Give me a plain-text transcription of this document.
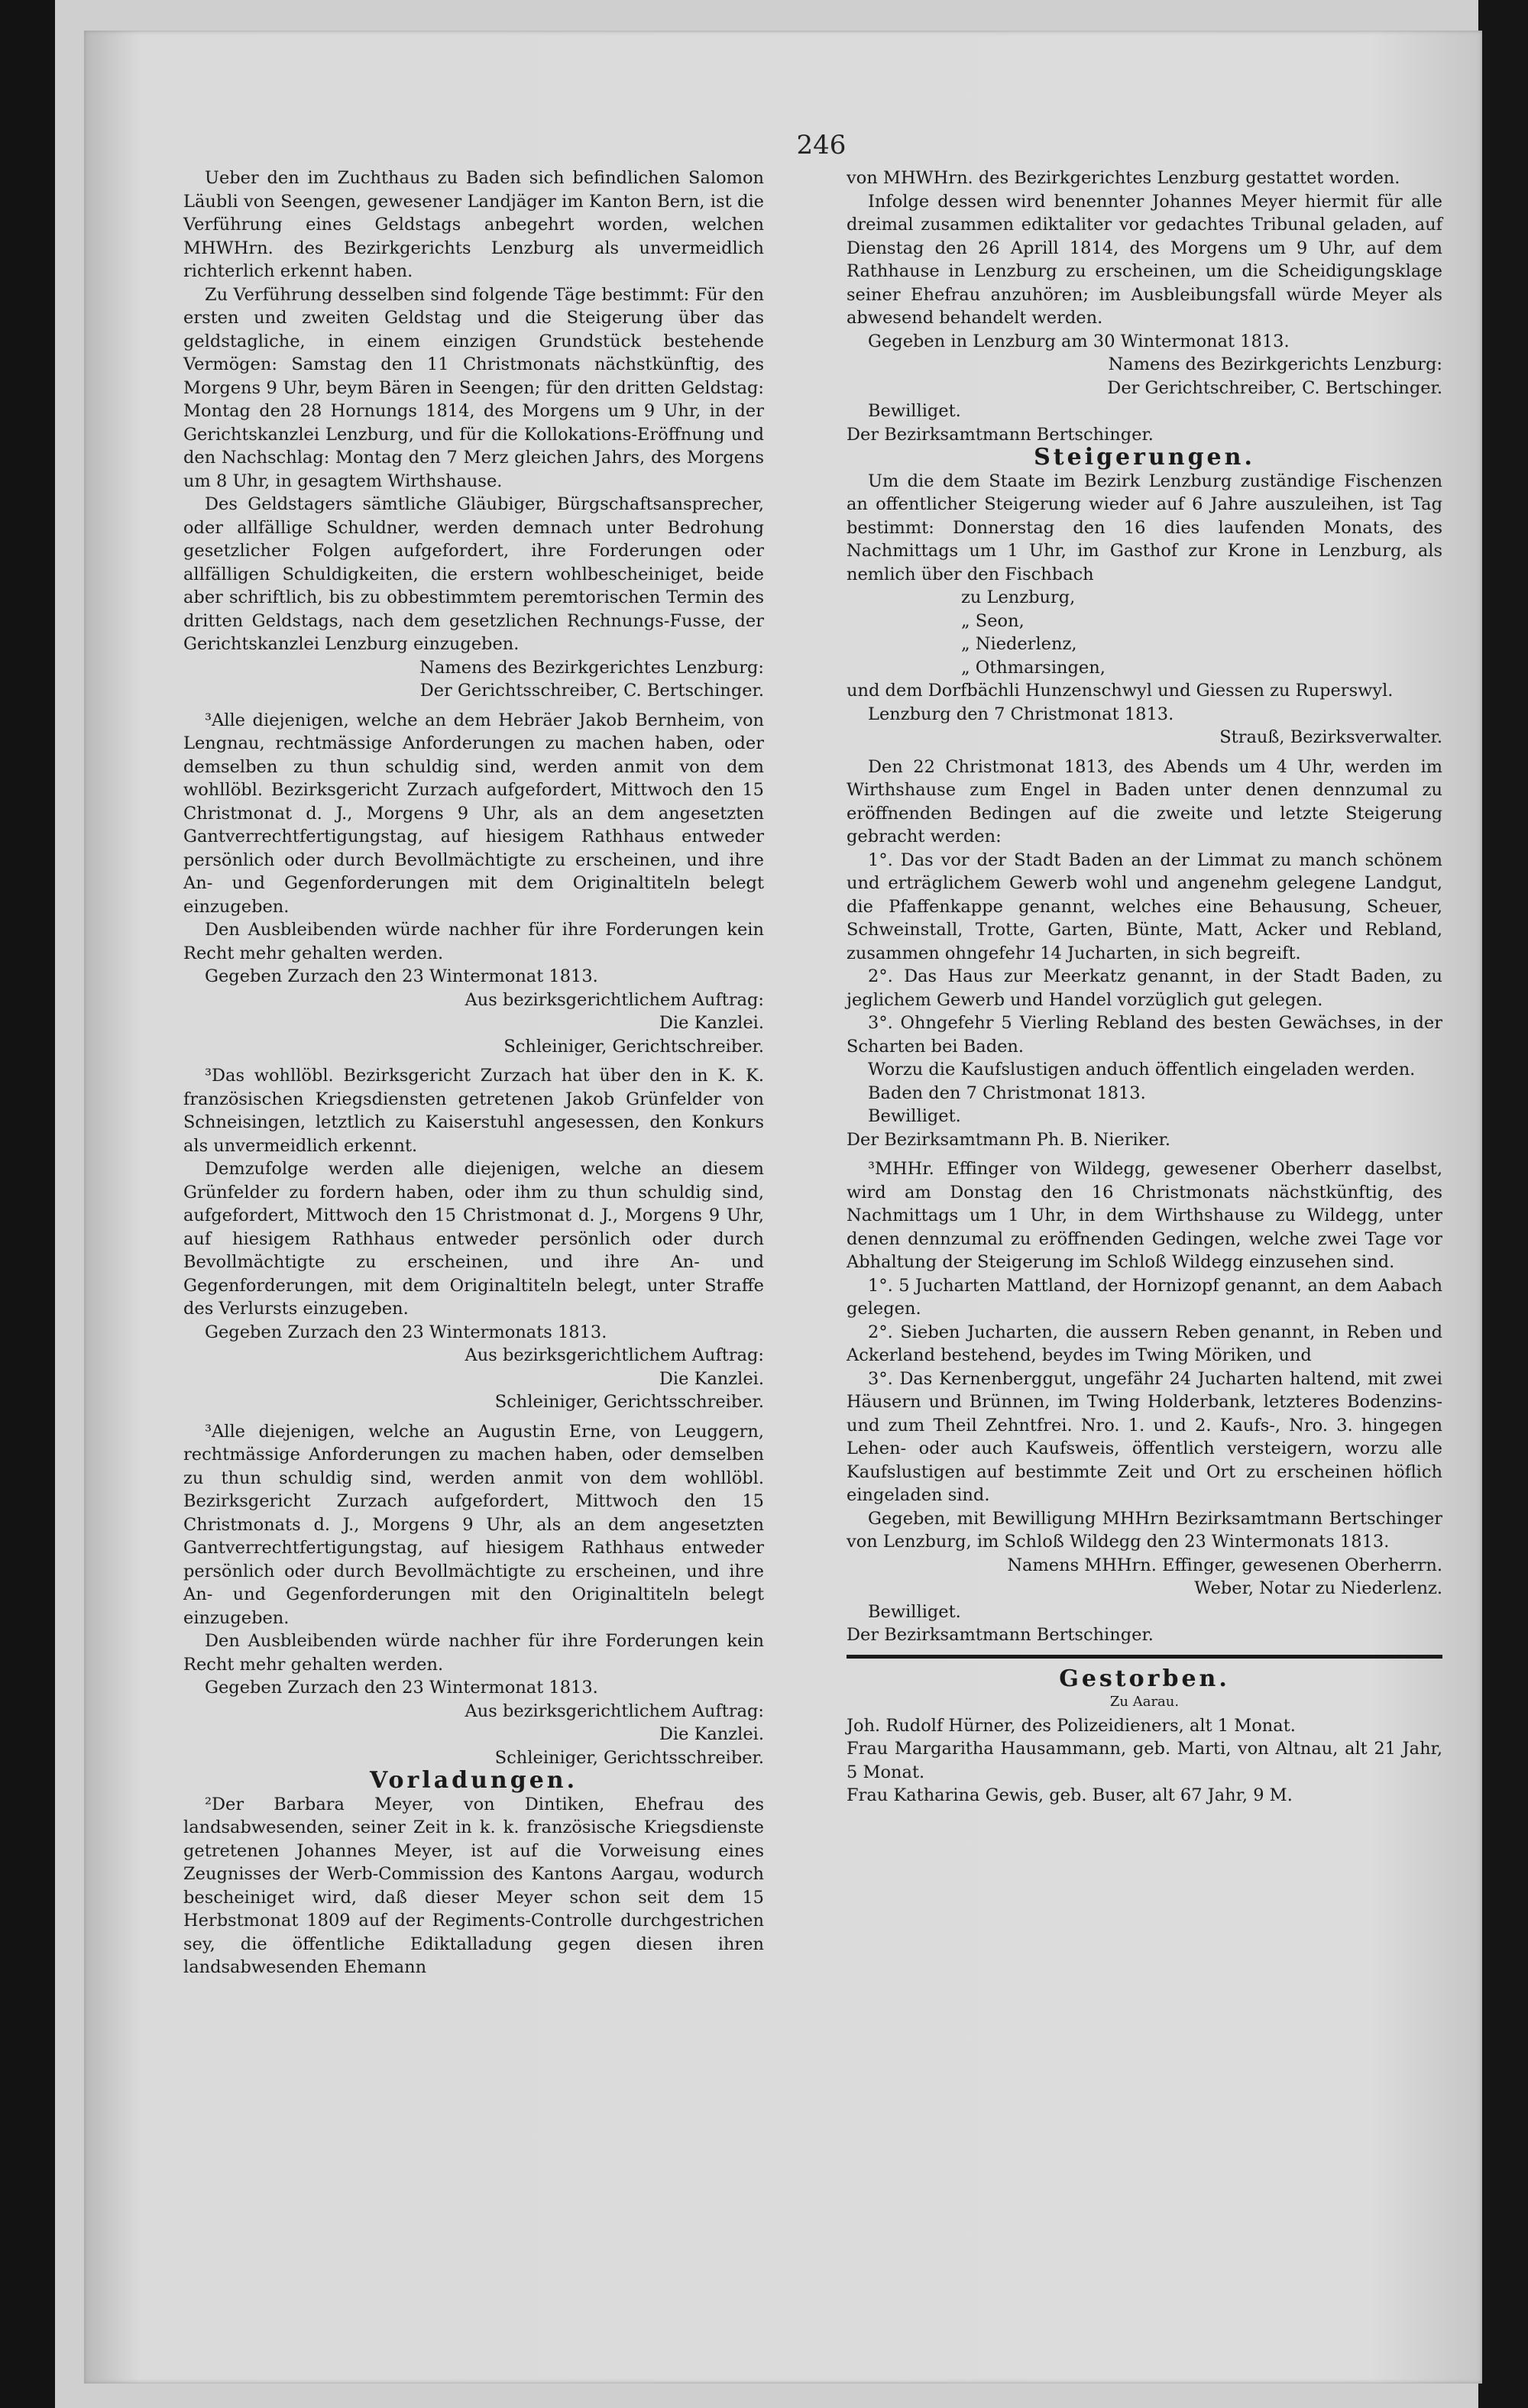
246

Ueber den im Zuchthaus zu Baden sich befindlichen Salomon Läubli von Seengen, gewesener Landjäger im Kanton Bern, ist die Verführung eines Geldstags anbegehrt worden, welchen MHWHrn. des Bezirkgerichts Lenzburg als unvermeidlich richterlich erkennt haben.

Zu Verführung desselben sind folgende Täge bestimmt: Für den ersten und zweiten Geldstag und die Steigerung über das geldstagliche, in einem einzigen Grundstück bestehende Vermögen: Samstag den 11 Christmonats nächstkünftig, des Morgens 9 Uhr, beym Bären in Seengen; für den dritten Geldstag: Montag den 28 Hornungs 1814, des Morgens um 9 Uhr, in der Gerichtskanzlei Lenzburg, und für die Kollokations-Eröffnung und den Nachschlag: Montag den 7 Merz gleichen Jahrs, des Morgens um 8 Uhr, in gesagtem Wirthshause.

Des Geldstagers sämtliche Gläubiger, Bürgschaftsansprecher, oder allfällige Schuldner, werden demnach unter Bedrohung gesetzlicher Folgen aufgefordert, ihre Forderungen oder allfälligen Schuldigkeiten, die erstern wohlbescheiniget, beide aber schriftlich, bis zu obbestimmtem peremtorischen Termin des dritten Geldstags, nach dem gesetzlichen Rechnungs-Fusse, der Gerichtskanzlei Lenzburg einzugeben.

Namens des Bezirkgerichtes Lenzburg:

Der Gerichtsschreiber, C. Bertschinger.

³Alle diejenigen, welche an dem Hebräer Jakob Bernheim, von Lengnau, rechtmässige Anforderungen zu machen haben, oder demselben zu thun schuldig sind, werden anmit von dem wohllöbl. Bezirksgericht Zurzach aufgefordert, Mittwoch den 15 Christmonat d. J., Morgens 9 Uhr, als an dem angesetzten Gantverrechtfertigungstag, auf hiesigem Rathhaus entweder persönlich oder durch Bevollmächtigte zu erscheinen, und ihre An- und Gegenforderungen mit dem Originaltiteln belegt einzugeben.

Den Ausbleibenden würde nachher für ihre Forderungen kein Recht mehr gehalten werden.

Gegeben Zurzach den 23 Wintermonat 1813.

Aus bezirksgerichtlichem Auftrag:

Die Kanzlei.

Schleiniger, Gerichtschreiber.

³Das wohllöbl. Bezirksgericht Zurzach hat über den in K. K. französischen Kriegsdiensten getretenen Jakob Grünfelder von Schneisingen, letztlich zu Kaiserstuhl angesessen, den Konkurs als unvermeidlich erkennt.

Demzufolge werden alle diejenigen, welche an diesem Grünfelder zu fordern haben, oder ihm zu thun schuldig sind, aufgefordert, Mittwoch den 15 Christmonat d. J., Morgens 9 Uhr, auf hiesigem Rathhaus entweder persönlich oder durch Bevollmächtigte zu erscheinen, und ihre An- und Gegenforderungen, mit dem Originaltiteln belegt, unter Straffe des Verlursts einzugeben.

Gegeben Zurzach den 23 Wintermonats 1813.

Aus bezirksgerichtlichem Auftrag:

Die Kanzlei.

Schleiniger, Gerichtsschreiber.

³Alle diejenigen, welche an Augustin Erne, von Leuggern, rechtmässige Anforderungen zu machen haben, oder demselben zu thun schuldig sind, werden anmit von dem wohllöbl. Bezirksgericht Zurzach aufgefordert, Mittwoch den 15 Christmonats d. J., Morgens 9 Uhr, als an dem angesetzten Gantverrechtfertigungstag, auf hiesigem Rathhaus entweder persönlich oder durch Bevollmächtigte zu erscheinen, und ihre An- und Gegenforderungen mit den Originaltiteln belegt einzugeben.

Den Ausbleibenden würde nachher für ihre Forderungen kein Recht mehr gehalten werden.

Gegeben Zurzach den 23 Wintermonat 1813.

Aus bezirksgerichtlichem Auftrag:

Die Kanzlei.

Schleiniger, Gerichtsschreiber.

Vorladungen.

²Der Barbara Meyer, von Dintiken, Ehefrau des landsabwesenden, seiner Zeit in k. k. französische Kriegsdienste getretenen Johannes Meyer, ist auf die Vorweisung eines Zeugnisses der Werb-Commission des Kantons Aargau, wodurch bescheiniget wird, daß dieser Meyer schon seit dem 15 Herbstmonat 1809 auf der Regiments-Controlle durchgestrichen sey, die öffentliche Ediktalladung gegen diesen ihren landsabwesenden Ehemann

von MHWHrn. des Bezirkgerichtes Lenzburg gestattet worden.

Infolge dessen wird benennter Johannes Meyer hiermit für alle dreimal zusammen ediktaliter vor gedachtes Tribunal geladen, auf Dienstag den 26 Aprill 1814, des Morgens um 9 Uhr, auf dem Rathhause in Lenzburg zu erscheinen, um die Scheidigungsklage seiner Ehefrau anzuhören; im Ausbleibungsfall würde Meyer als abwesend behandelt werden.

Gegeben in Lenzburg am 30 Wintermonat 1813.

Namens des Bezirkgerichts Lenzburg:

Der Gerichtschreiber, C. Bertschinger.

Bewilliget.

Der Bezirksamtmann Bertschinger.

Steigerungen.

Um die dem Staate im Bezirk Lenzburg zuständige Fischenzen an offentlicher Steigerung wieder auf 6 Jahre auszuleihen, ist Tag bestimmt: Donnerstag den 16 dies laufenden Monats, des Nachmittags um 1 Uhr, im Gasthof zur Krone in Lenzburg, als nemlich über den Fischbach

zu Lenzburg,

„ Seon,

„ Niederlenz,

„ Othmarsingen,

und dem Dorfbächli Hunzenschwyl und Giessen zu Ruperswyl.

Lenzburg den 7 Christmonat 1813.

Strauß, Bezirksverwalter.

Den 22 Christmonat 1813, des Abends um 4 Uhr, werden im Wirthshause zum Engel in Baden unter denen dennzumal zu eröffnenden Bedingen auf die zweite und letzte Steigerung gebracht werden:

1°. Das vor der Stadt Baden an der Limmat zu manch schönem und erträglichem Gewerb wohl und angenehm gelegene Landgut, die Pfaffenkappe genannt, welches eine Behausung, Scheuer, Schweinstall, Trotte, Garten, Bünte, Matt, Acker und Rebland, zusammen ohngefehr 14 Jucharten, in sich begreift.

2°. Das Haus zur Meerkatz genannt, in der Stadt Baden, zu jeglichem Gewerb und Handel vorzüglich gut gelegen.

3°. Ohngefehr 5 Vierling Rebland des besten Gewächses, in der Scharten bei Baden.

Worzu die Kaufslustigen anduch öffentlich eingeladen werden.

Baden den 7 Christmonat 1813.

Bewilliget.

Der Bezirksamtmann Ph. B. Nieriker.

³MHHr. Effinger von Wildegg, gewesener Oberherr daselbst, wird am Donstag den 16 Christmonats nächstkünftig, des Nachmittags um 1 Uhr, in dem Wirthshause zu Wildegg, unter denen dennzumal zu eröffnenden Gedingen, welche zwei Tage vor Abhaltung der Steigerung im Schloß Wildegg einzusehen sind.

1°. 5 Jucharten Mattland, der Hornizopf genannt, an dem Aabach gelegen.

2°. Sieben Jucharten, die aussern Reben genannt, in Reben und Ackerland bestehend, beydes im Twing Möriken, und

3°. Das Kernenberggut, ungefähr 24 Jucharten haltend, mit zwei Häusern und Brünnen, im Twing Holderbank, letzteres Bodenzins- und zum Theil Zehntfrei. Nro. 1. und 2. Kaufs-, Nro. 3. hingegen Lehen- oder auch Kaufsweis, öffentlich versteigern, worzu alle Kaufslustigen auf bestimmte Zeit und Ort zu erscheinen höflich eingeladen sind.

Gegeben, mit Bewilligung MHHrn Bezirksamtmann Bertschinger von Lenzburg, im Schloß Wildegg den 23 Wintermonats 1813.

Namens MHHrn. Effinger, gewesenen Oberherrn.

Weber, Notar zu Niederlenz.

Bewilliget.

Der Bezirksamtmann Bertschinger.

Gestorben.

Zu Aarau.

Joh. Rudolf Hürner, des Polizeidieners, alt 1 Monat.

Frau Margaritha Hausammann, geb. Marti, von Altnau, alt 21 Jahr, 5 Monat.

Frau Katharina Gewis, geb. Buser, alt 67 Jahr, 9 M.
